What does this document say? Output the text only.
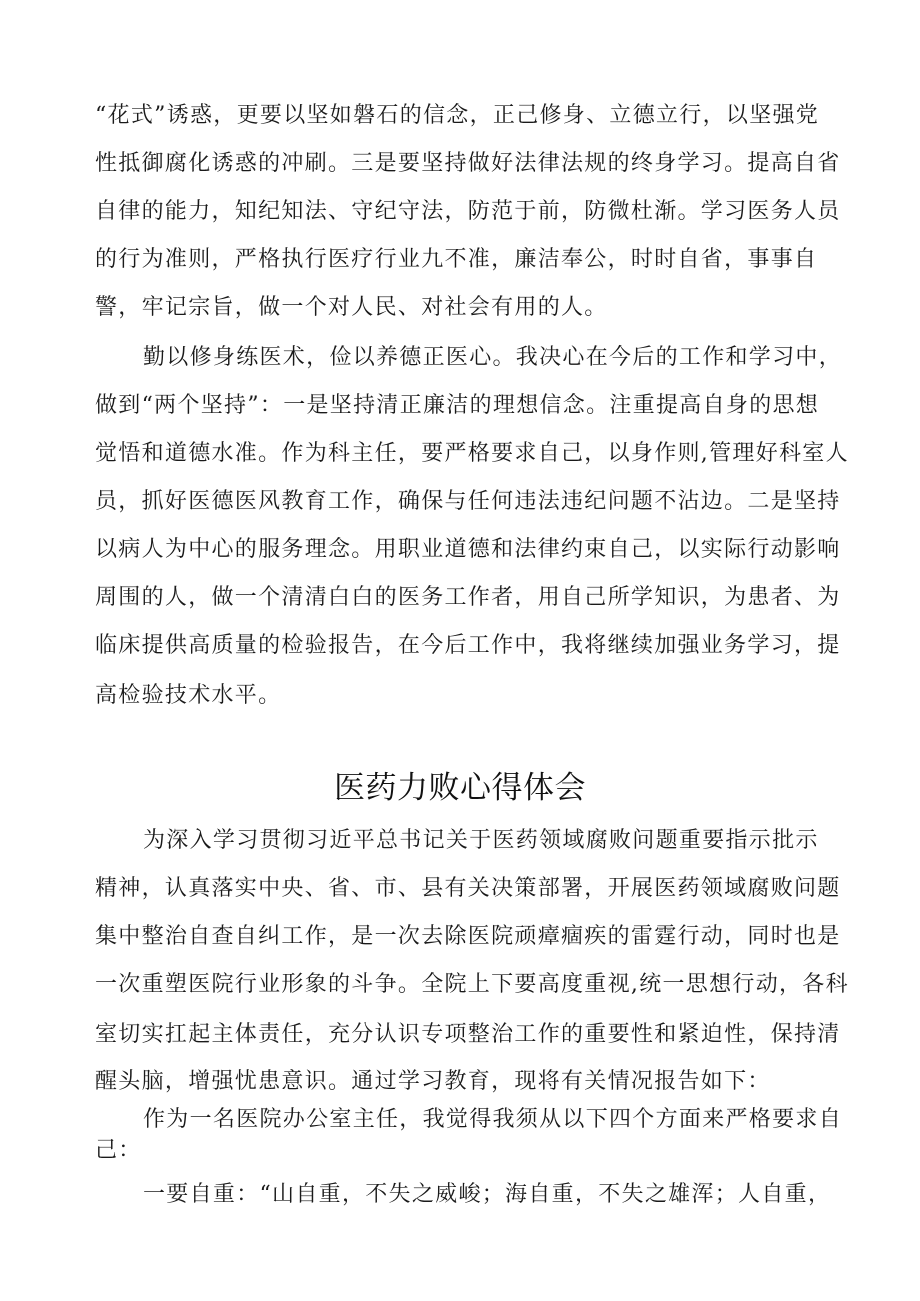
“花式”诱惑，更要以坚如磐石的信念，正己修身、立德立行，以坚强党
性抵御腐化诱惑的冲刷。三是要坚持做好法律法规的终身学习。提高自省
自律的能力，知纪知法、守纪守法，防范于前，防微杜渐。学习医务人员
的行为准则，严格执行医疗行业九不准，廉洁奉公，时时自省，事事自
警，牢记宗旨，做一个对人民、对社会有用的人。
勤以修身练医术，俭以养德正医心。我决心在今后的工作和学习中，
做到“两个坚持”：一是坚持清正廉洁的理想信念。注重提高自身的思想
觉悟和道德水准。作为科主任，要严格要求自己，以身作则,管理好科室人
员，抓好医德医风教育工作，确保与任何违法违纪问题不沾边。二是坚持
以病人为中心的服务理念。用职业道德和法律约束自己，以实际行动影响
周围的人，做一个清清白白的医务工作者，用自己所学知识，为患者、为
临床提供高质量的检验报告，在今后工作中，我将继续加强业务学习，提
高检验技术水平。
医药力败心得体会
为深入学习贯彻习近平总书记关于医药领域腐败问题重要指示批示
精神，认真落实中央、省、市、县有关决策部署，开展医药领域腐败问题
集中整治自查自纠工作，是一次去除医院顽瘴痼疾的雷霆行动，同时也是
一次重塑医院行业形象的斗争。全院上下要高度重视,统一思想行动，各科
室切实扛起主体责任，充分认识专项整治工作的重要性和紧迫性，保持清
醒头脑，增强忧患意识。通过学习教育，现将有关情况报告如下：
作为一名医院办公室主任，我觉得我须从以下四个方面来严格要求自
己：
一要自重：“山自重，不失之威峻；海自重，不失之雄浑；人自重，
